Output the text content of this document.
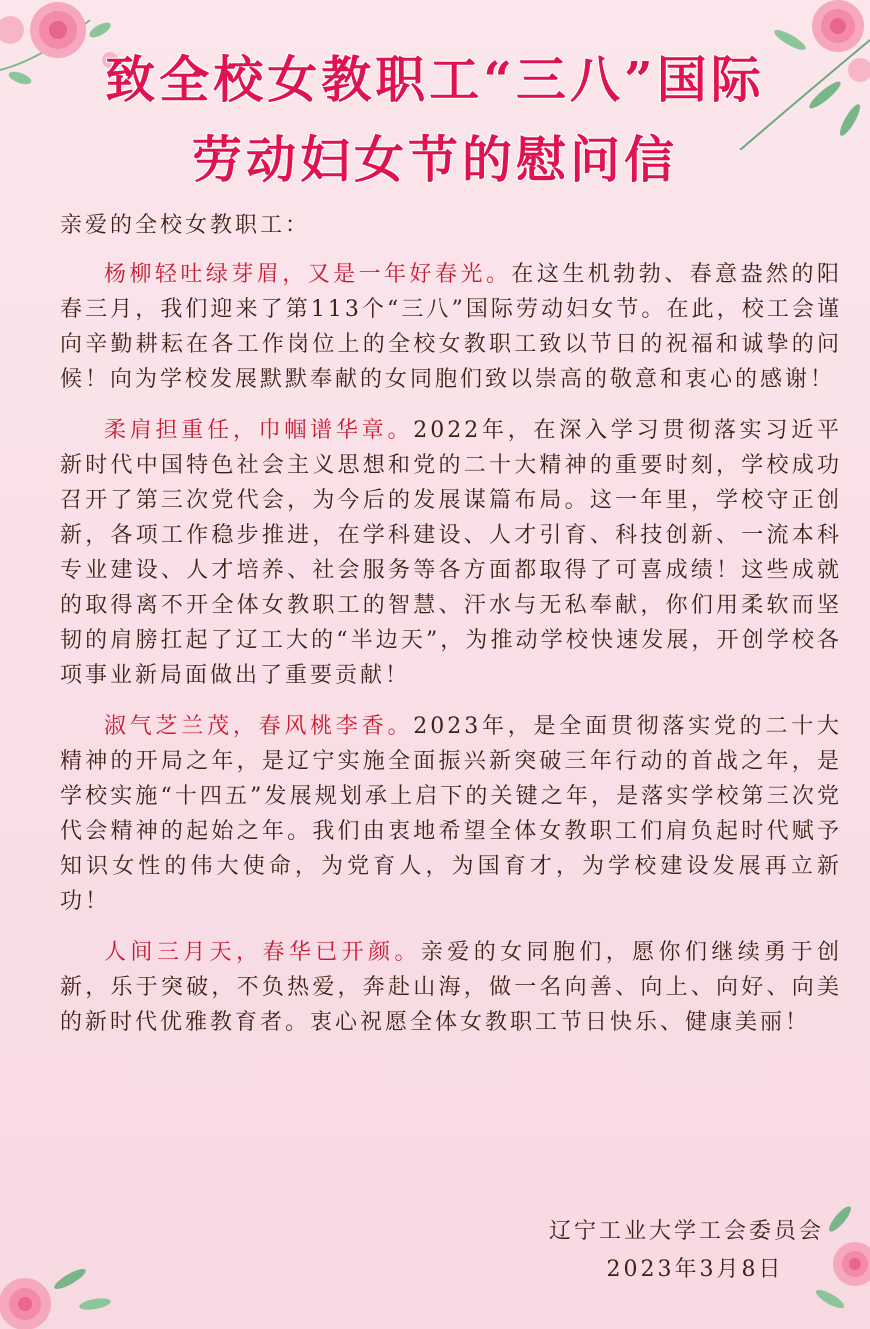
致全校女教职工“三八”国际
劳动妇女节的慰问信

亲爱的全校女教职工：

杨柳轻吐绿芽眉，又是一年好春光。在这生机勃勃、春意盎然的阳春三月，我们迎来了第113个“三八”国际劳动妇女节。在此，校工会谨向辛勤耕耘在各工作岗位上的全校女教职工致以节日的祝福和诚挚的问候！向为学校发展默默奉献的女同胞们致以崇高的敬意和衷心的感谢！

柔肩担重任，巾帼谱华章。2022年，在深入学习贯彻落实习近平新时代中国特色社会主义思想和党的二十大精神的重要时刻，学校成功召开了第三次党代会，为今后的发展谋篇布局。这一年里，学校守正创新，各项工作稳步推进，在学科建设、人才引育、科技创新、一流本科专业建设、人才培养、社会服务等各方面都取得了可喜成绩！这些成就的取得离不开全体女教职工的智慧、汗水与无私奉献，你们用柔软而坚韧的肩膀扛起了辽工大的“半边天”，为推动学校快速发展，开创学校各项事业新局面做出了重要贡献！

淑气芝兰茂，春风桃李香。2023年，是全面贯彻落实党的二十大精神的开局之年，是辽宁实施全面振兴新突破三年行动的首战之年，是学校实施“十四五”发展规划承上启下的关键之年，是落实学校第三次党代会精神的起始之年。我们由衷地希望全体女教职工们肩负起时代赋予知识女性的伟大使命，为党育人，为国育才，为学校建设发展再立新功！

人间三月天，春华已开颜。亲爱的女同胞们，愿你们继续勇于创新，乐于突破，不负热爱，奔赴山海，做一名向善、向上、向好、向美的新时代优雅教育者。衷心祝愿全体女教职工节日快乐、健康美丽！

辽宁工业大学工会委员会
2023年3月8日
